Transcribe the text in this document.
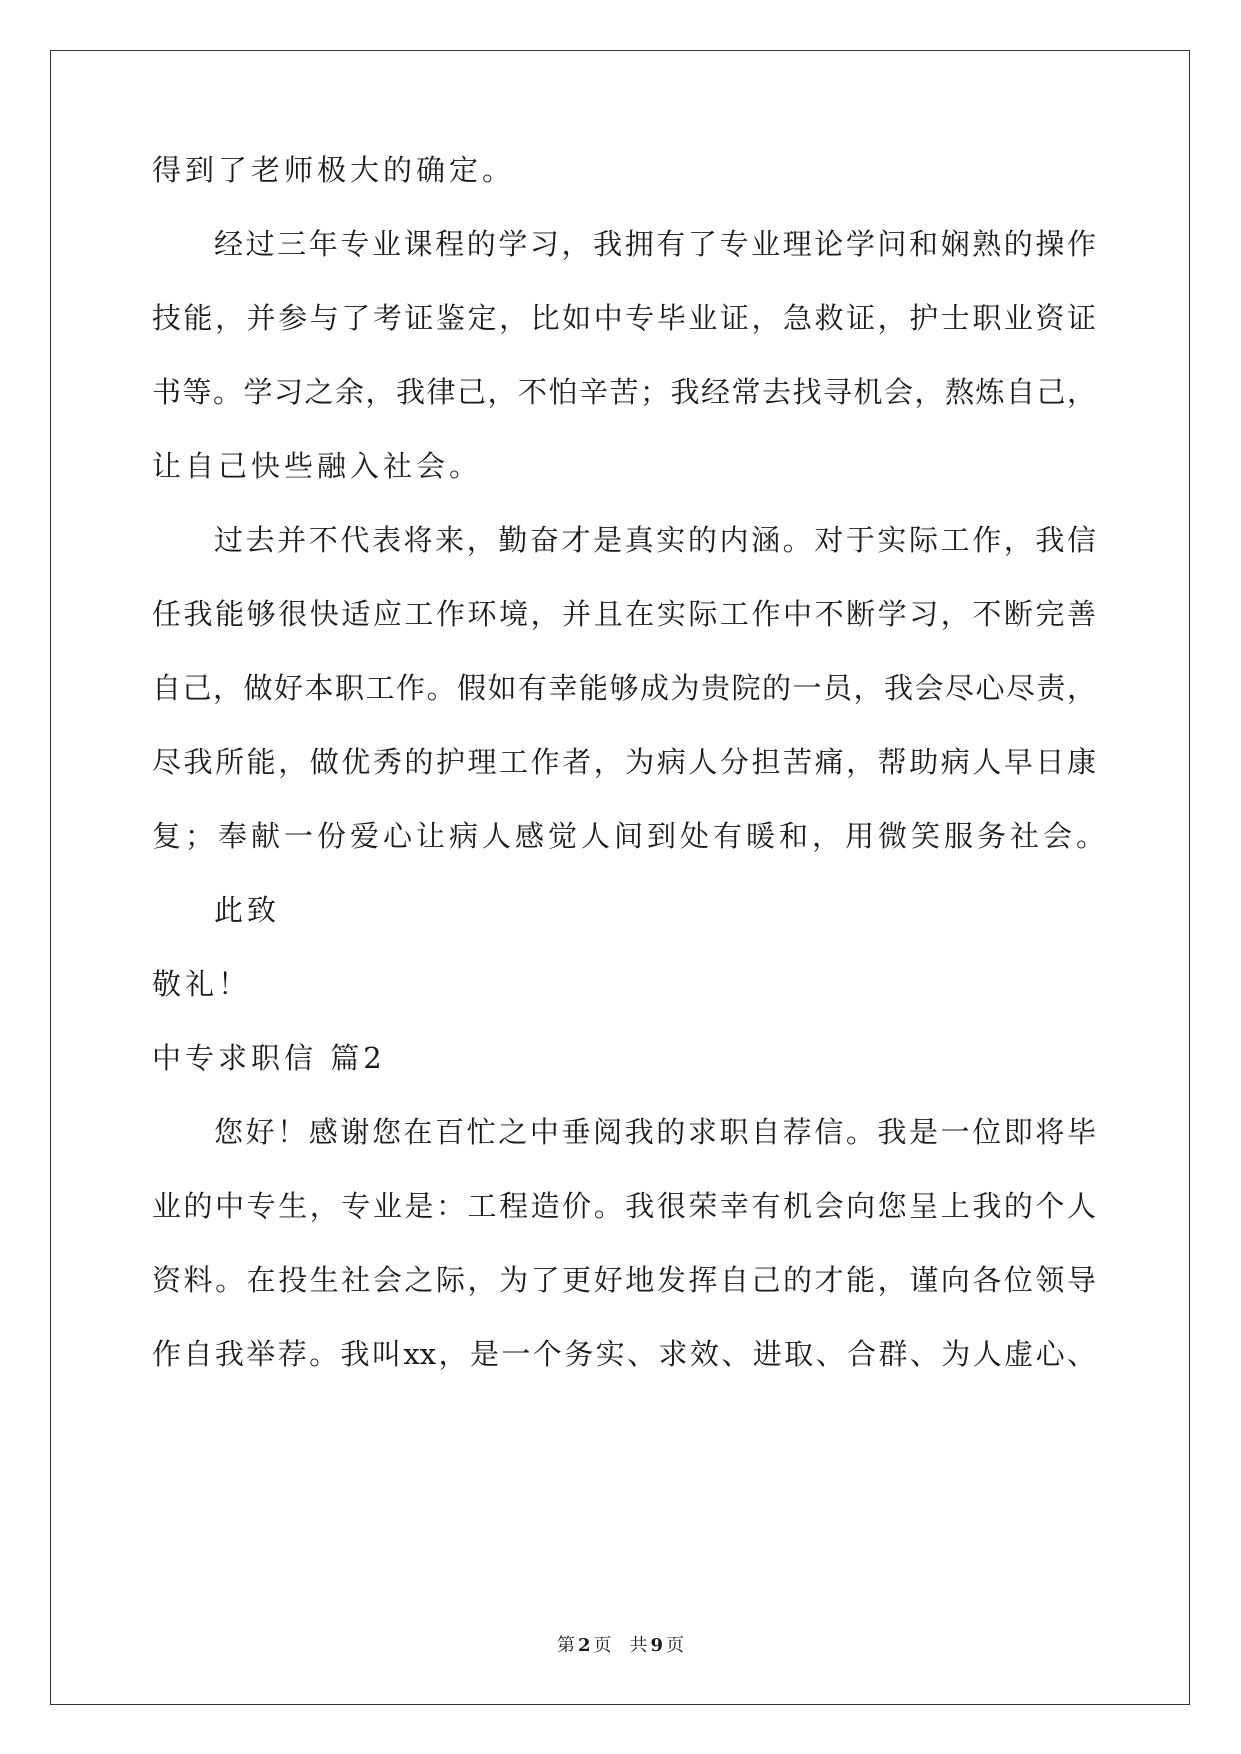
得到了老师极大的确定。
经过三年专业课程的学习，我拥有了专业理论学问和娴熟的操作
技能，并参与了考证鉴定，比如中专毕业证，急救证，护士职业资证
书等。学习之余，我律己，不怕辛苦；我经常去找寻机会，熬炼自己，
让自己快些融入社会。
过去并不代表将来，勤奋才是真实的内涵。对于实际工作，我信
任我能够很快适应工作环境，并且在实际工作中不断学习，不断完善
自己，做好本职工作。假如有幸能够成为贵院的一员，我会尽心尽责，
尽我所能，做优秀的护理工作者，为病人分担苦痛，帮助病人早日康
复；奉献一份爱心让病人感觉人间到处有暖和，用微笑服务社会。
此致
敬礼！
中专求职信 篇2
您好！感谢您在百忙之中垂阅我的求职自荐信。我是一位即将毕
业的中专生，专业是：工程造价。我很荣幸有机会向您呈上我的个人
资料。在投生社会之际，为了更好地发挥自己的才能，谨向各位领导
作自我举荐。我叫xx，是一个务实、求效、进取、合群、为人虚心、
第 2 页 共 9 页
